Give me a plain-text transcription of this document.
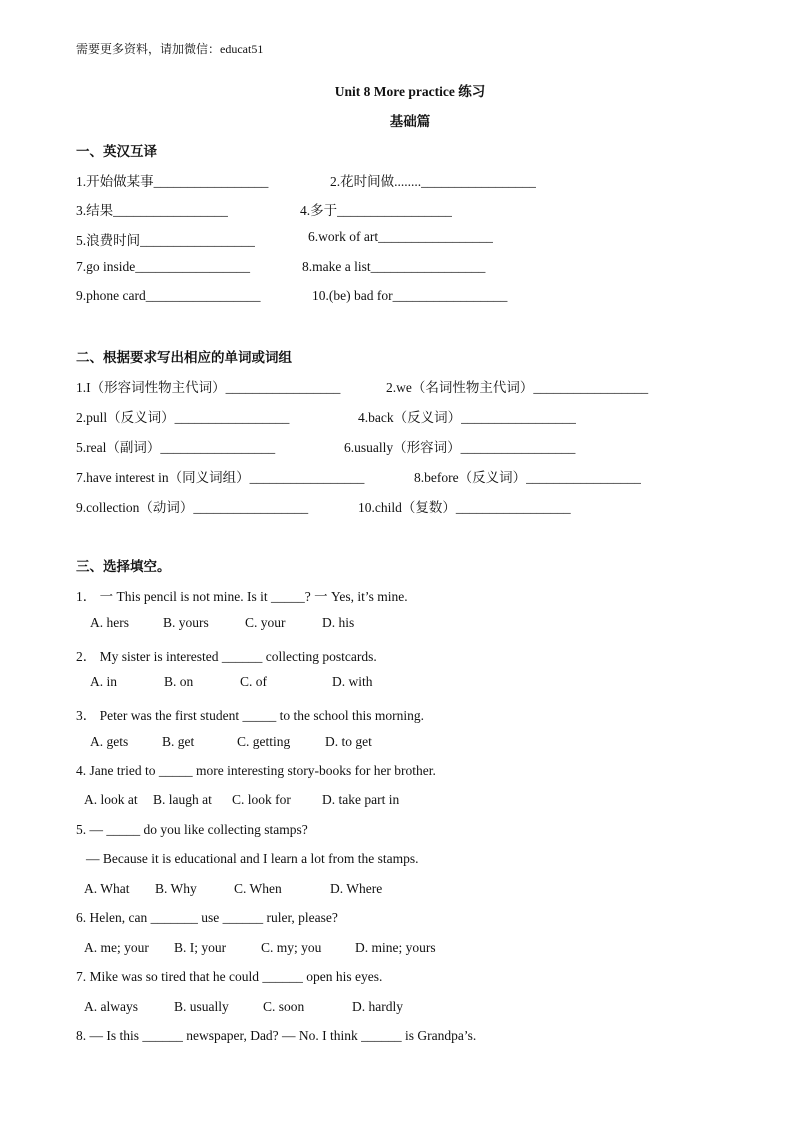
需要更多资料，请加微信：educat51
Unit 8 More practice 练习
基础篇
一、英汉互译
1.开始做某事_________________	2.花时间做........_________________
3.结果_________________	4.多于_________________
5.浪费时间_________________	6.work of art_________________
7.go inside_________________	8.make a list_________________
9.phone card_________________	10.(be) bad for_________________
二、根据要求写出相应的单词或词组
1.I（形容词性物主代词）_________________	2.we（名词性物主代词）_________________
2.pull（反义词）_________________	4.back（反义词）_________________
5.real（副词）_________________	6.usually（形容词）_________________
7.have interest in（同义词组）_________________	8.before（反义词）_________________
9.collection（动词）_________________	10.child（复数）_________________
三、选择填空。
1． 一 This pencil is not mine. Is it _____? 一 Yes, it’s mine.
A. hers	B. yours	C. your	D. his
2． My sister is interested ______ collecting postcards.
A. in	B. on	C. of	D. with
3． Peter was the first student _____ to the school this morning.
A. gets	B. get	C. getting	D. to get
4. Jane tried to _____ more interesting story-books for her brother.
A. look at B. laugh at C. look for D. take part in
5. — _____ do you like collecting stamps?
— Because it is educational and I learn a lot from the stamps.
A. What B. Why	C. When	D. Where
6. Helen, can _______ use ______ ruler, please?
A. me; your B. I; your	C. my; you D. mine; yours
7. Mike was so tired that he could ______ open his eyes.
A. always	B. usually	C. soon	D. hardly
8. — Is this ______ newspaper, Dad? — No. I think ______ is Grandpa’s.
